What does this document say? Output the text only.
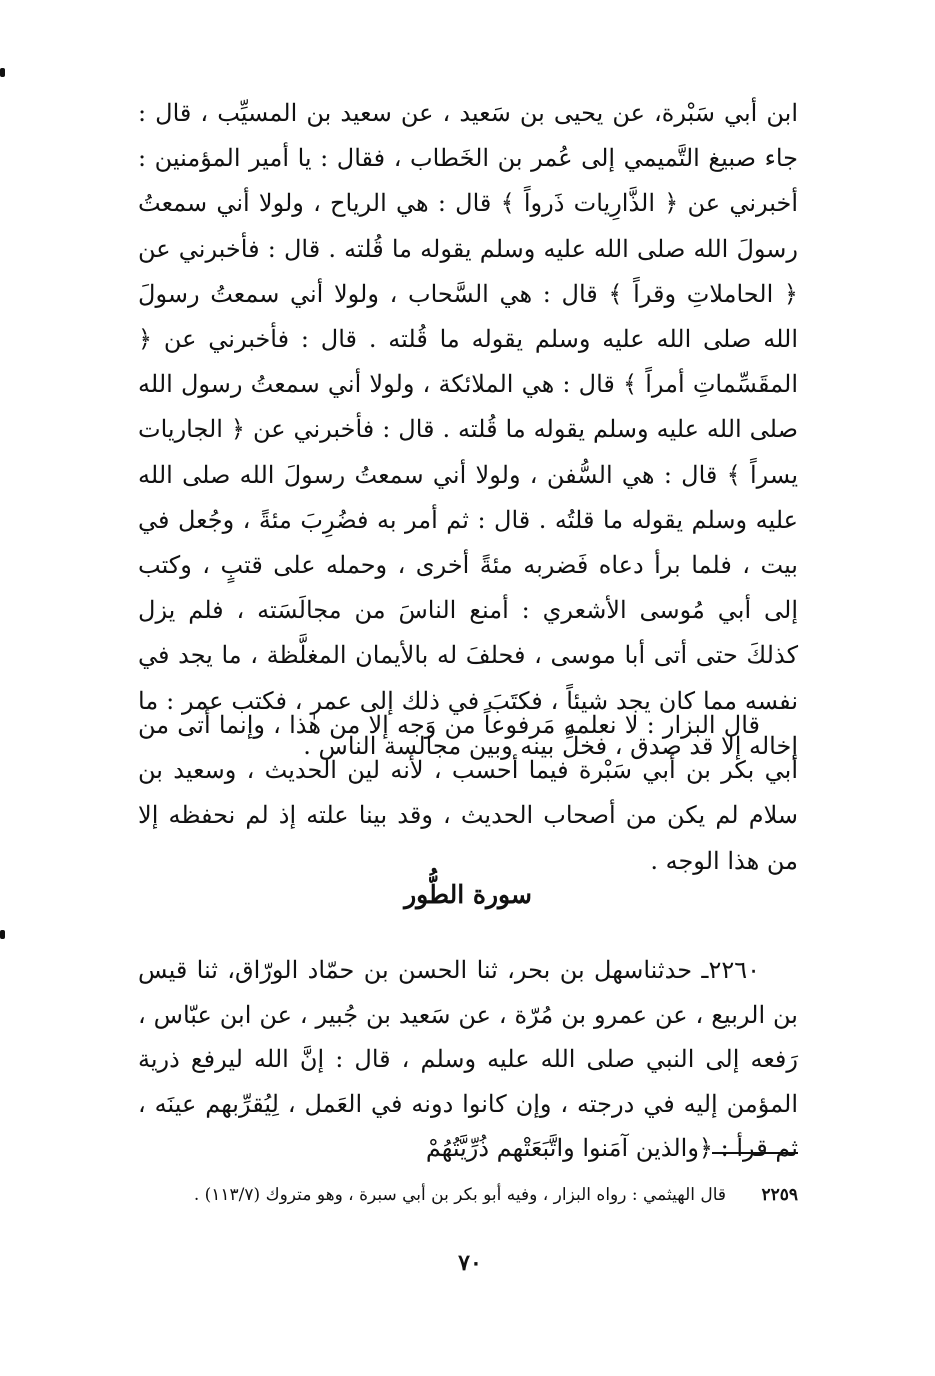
ابن أبي سَبْرة، عن يحيى بن سَعيد ، عن سعيد بن المسيِّب ، قال : جاء صبيغ التَّميمي إلى عُمر بن الخَطاب ، فقال : يا أمير المؤمنين : أخبرني عن ﴿ الذَّارِيات ذَرواً ﴾ قال : هي الرياح ، ولولا أني سمعتُ رسولَ الله صلى الله عليه وسلم يقوله ما قُلته . قال : فأخبرني عن ﴿ الحاملاتِ وقراً ﴾ قال : هي السَّحاب ، ولولا أني سمعتُ رسولَ الله صلى الله عليه وسلم يقوله ما قُلته . قال : فأخبرني عن ﴿ المقَسِّماتِ أمراً ﴾ قال : هي الملائكة ، ولولا أني سمعتُ رسول الله صلى الله عليه وسلم يقوله ما قُلته . قال : فأخبرني عن ﴿ الجاريات يسراً ﴾ قال : هي السُّفن ، ولولا أني سمعتُ رسولَ الله صلى الله عليه وسلم يقوله ما قلتُه . قال : ثم أمر به فضُرِبَ مئةً ، وجُعل في بيت ، فلما برأ دعاه فَضربه مئةً أخرى ، وحمله على قتبٍ ، وكتب إلى أبي مُوسى الأشعري : أمنع الناسَ من مجالَسَته ، فلم يزل كذلكَ حتى أتى أبا موسى ، فحلفَ له بالأيمان المغلَّظة ، ما يجد في نفسه مما كان يجد شيئاً ، فكتَبَ في ذلك إلى عمر ، فكتب عمر : ما إخاله إلا قد صدق ، فخلِّ بينه وبين مجالسة الناس .

قال البزار : لا نعلمه مَرفوعاً من وَجه إلا من هٰذا ، وإنما أتى من أبي بكر بن أبي سَبْرة فيما أحسب ، لأنه لين الحديث ، وسعيد بن سلام لم يكن من أصحاب الحديث ، وقد بينا علته إذ لم نحفظه إلا من هذا الوجه .

سورة الطُّور

٢٢٦٠ـ حدثناسهل بن بحر، ثنا الحسن بن حمّاد الورّاق، ثنا قيس بن الربيع ، عن عمرو بن مُرّة ، عن سَعيد بن جُبير ، عن ابن عبّاس ، رَفعه إلى النبي صلى الله عليه وسلم ، قال : إنَّ الله ليرفع ذرية المؤمن إليه في درجته ، وإن كانوا دونه في العَمل ، لِيُقرِّبهم عينَه ، ثم قرأ : ﴿والذين آمَنوا واتَّبَعَتْهم ذُرِّيَّتُهُمْ

٢٢٥٩ قال الهيثمي : رواه البزار ، وفيه أبو بكر بن أبي سبرة ، وهو متروك (١١٣/٧) .
٧٠
